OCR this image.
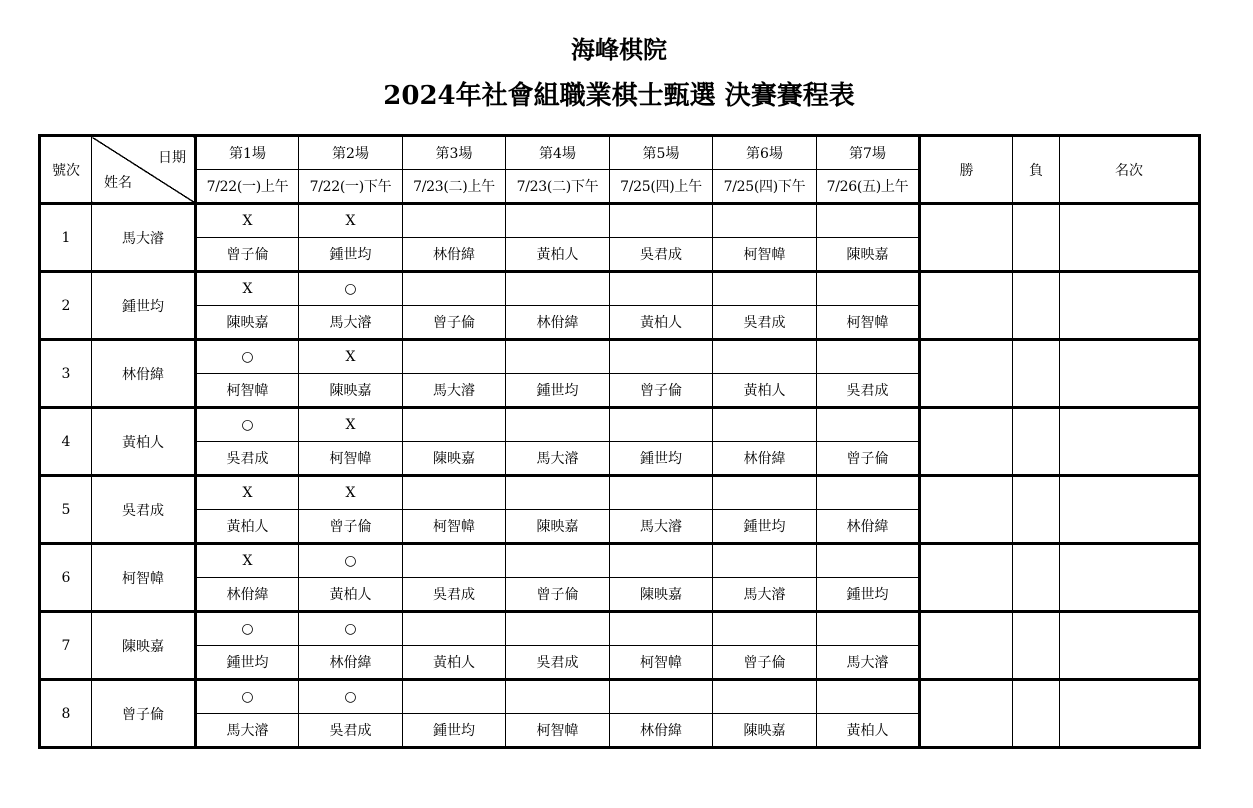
海峰棋院
2024年社會組職業棋士甄選 決賽賽程表
號次	日期
姓名	第1場	第2場	第3場	第4場	第5場	第6場	第7場	勝	負	名次
		7/22(一)上午	7/22(一)下午	7/23(二)上午	7/23(二)下午	7/25(四)上午	7/25(四)下午	7/26(五)上午			
1	馬大濬	X	X								
		曾子倫	鍾世均	林佾緯	黃柏人	吳君成	柯智幃	陳映嘉			
2	鍾世均	X	○								
		陳映嘉	馬大濬	曾子倫	林佾緯	黃柏人	吳君成	柯智幃			
3	林佾緯	○	X								
		柯智幃	陳映嘉	馬大濬	鍾世均	曾子倫	黃柏人	吳君成			
4	黃柏人	○	X								
		吳君成	柯智幃	陳映嘉	馬大濬	鍾世均	林佾緯	曾子倫			
5	吳君成	X	X								
		黃柏人	曾子倫	柯智幃	陳映嘉	馬大濬	鍾世均	林佾緯			
6	柯智幃	X	○								
		林佾緯	黃柏人	吳君成	曾子倫	陳映嘉	馬大濬	鍾世均			
7	陳映嘉	○	○								
		鍾世均	林佾緯	黃柏人	吳君成	柯智幃	曾子倫	馬大濬			
8	曾子倫	○	○								
		馬大濬	吳君成	鍾世均	柯智幃	林佾緯	陳映嘉	黃柏人			
